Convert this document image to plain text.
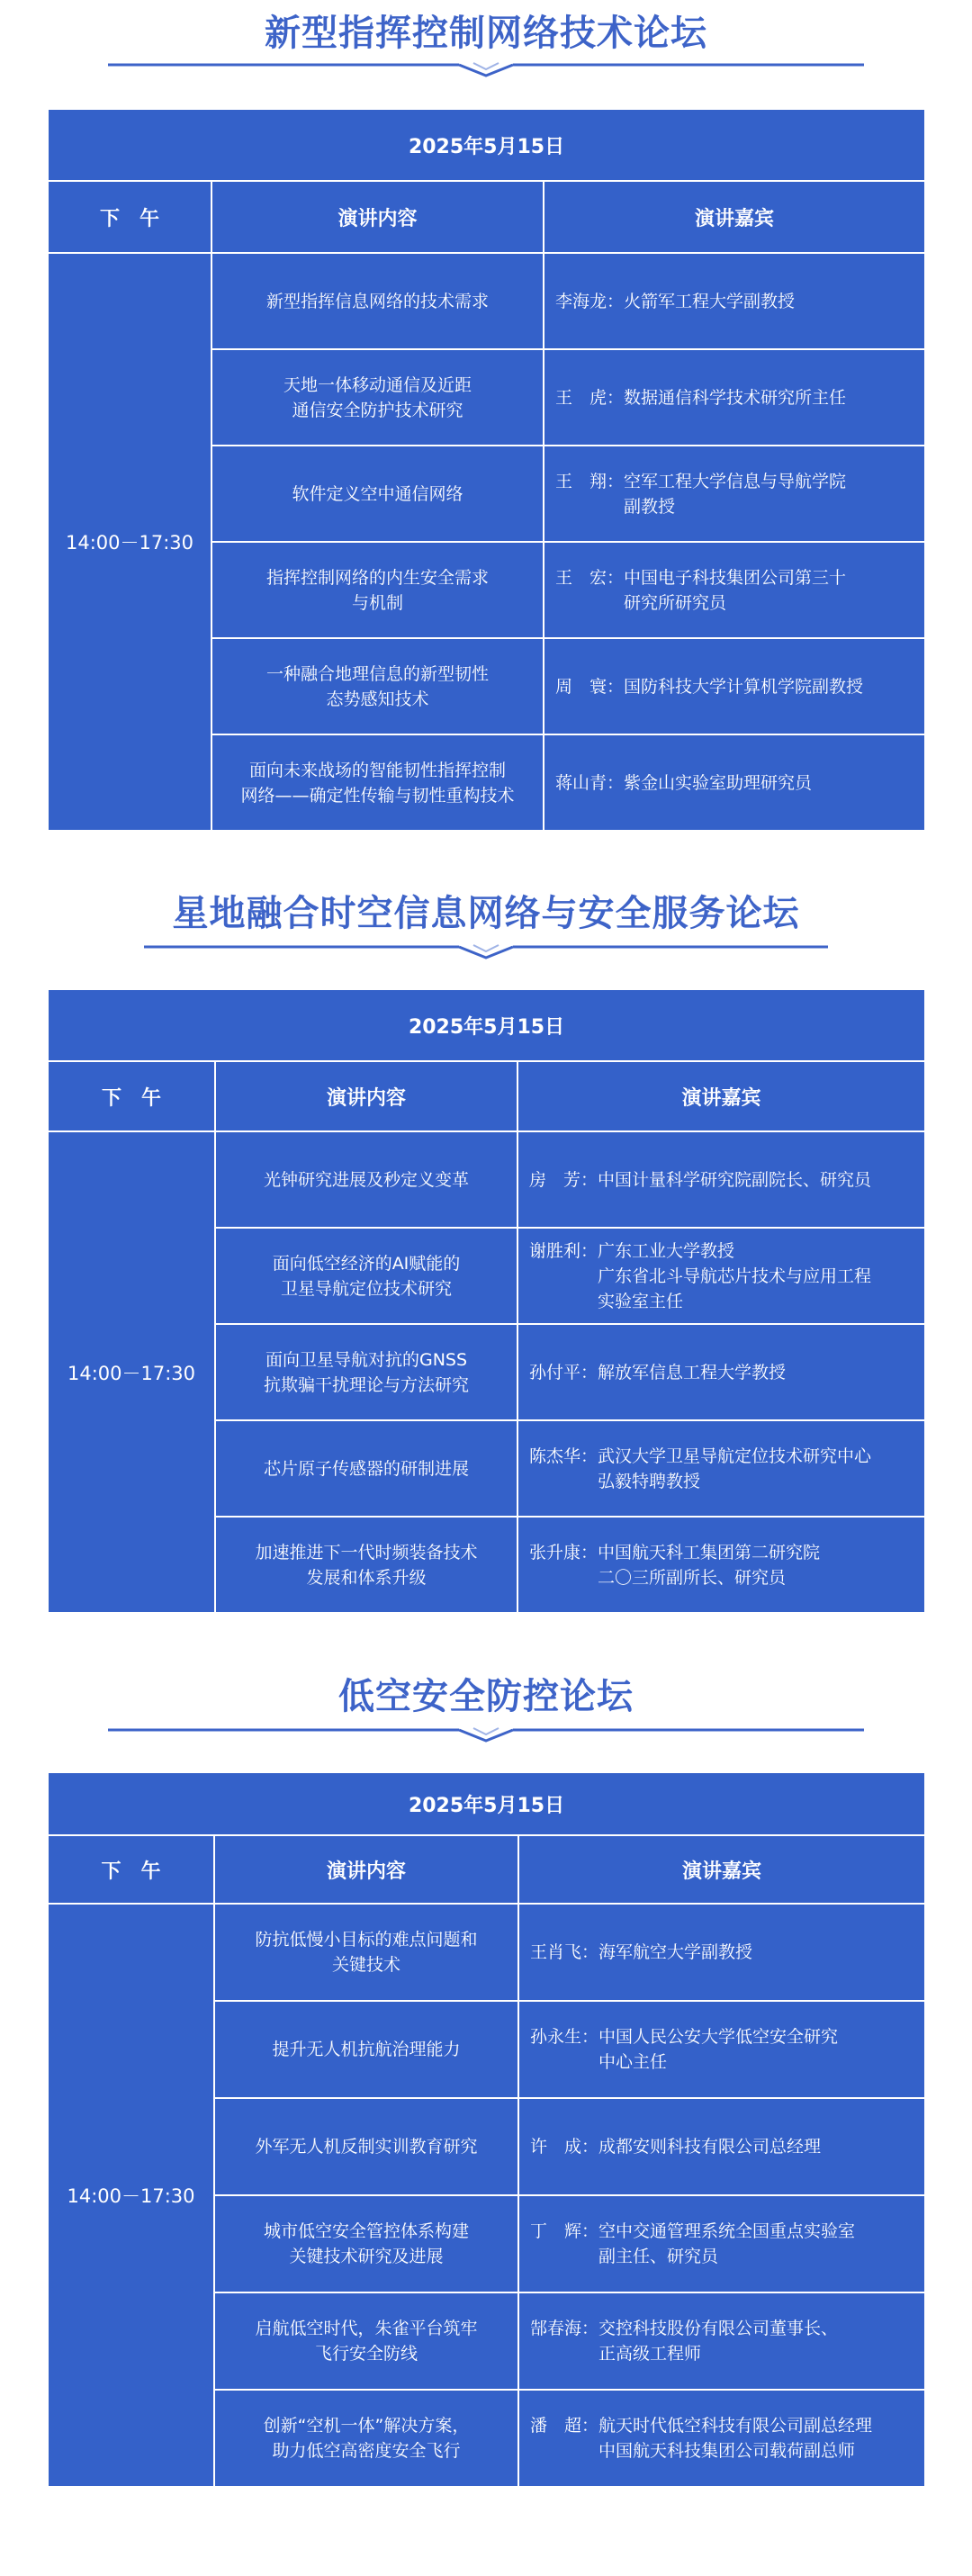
新型指挥控制网络技术论坛
2025年5月15日		
下　午	演讲内容	演讲嘉宾
14:00－17:30	新型指挥信息网络的技术需求	李海龙： 火箭军工程大学副教授

	天地一体移动通信及近距
通信安全防护技术研究	王　虎： 数据通信科学技术研究所主任

	软件定义空中通信网络	王　翔： 空军工程大学信息与导航学院
副教授

	指挥控制网络的内生安全需求
与机制	王　宏： 中国电子科技集团公司第三十
研究所研究员

	一种融合地理信息的新型韧性
态势感知技术	周　寰： 国防科技大学计算机学院副教授

	面向未来战场的智能韧性指挥控制
网络——确定性传输与韧性重构技术	蒋山青： 紫金山实验室助理研究员
星地融合时空信息网络与安全服务论坛
2025年5月15日		
下　午	演讲内容	演讲嘉宾
14:00－17:30	光钟研究进展及秒定义变革	房　芳： 中国计量科学研究院副院长、研究员

	面向低空经济的AI赋能的
卫星导航定位技术研究	谢胜利： 广东工业大学教授
广东省北斗导航芯片技术与应用工程
实验室主任

	面向卫星导航对抗的GNSS
抗欺骗干扰理论与方法研究	孙付平： 解放军信息工程大学教授

	芯片原子传感器的研制进展	陈杰华： 武汉大学卫星导航定位技术研究中心
弘毅特聘教授

	加速推进下一代时频装备技术
发展和体系升级	张升康： 中国航天科工集团第二研究院
二〇三所副所长、研究员
低空安全防控论坛
2025年5月15日		
下　午	演讲内容	演讲嘉宾
14:00－17:30	防抗低慢小目标的难点问题和
关键技术	王肖飞： 海军航空大学副教授

	提升无人机抗航治理能力	孙永生： 中国人民公安大学低空安全研究
中心主任

	外军无人机反制实训教育研究	许　成： 成都安则科技有限公司总经理

	城市低空安全管控体系构建
关键技术研究及进展	丁　辉： 空中交通管理系统全国重点实验室
副主任、研究员

	启航低空时代，朱雀平台筑牢
飞行安全防线	郜春海： 交控科技股份有限公司董事长、
正高级工程师

	创新“空机一体”解决方案，
助力低空高密度安全飞行	潘　超： 航天时代低空科技有限公司副总经理
中国航天科技集团公司载荷副总师
